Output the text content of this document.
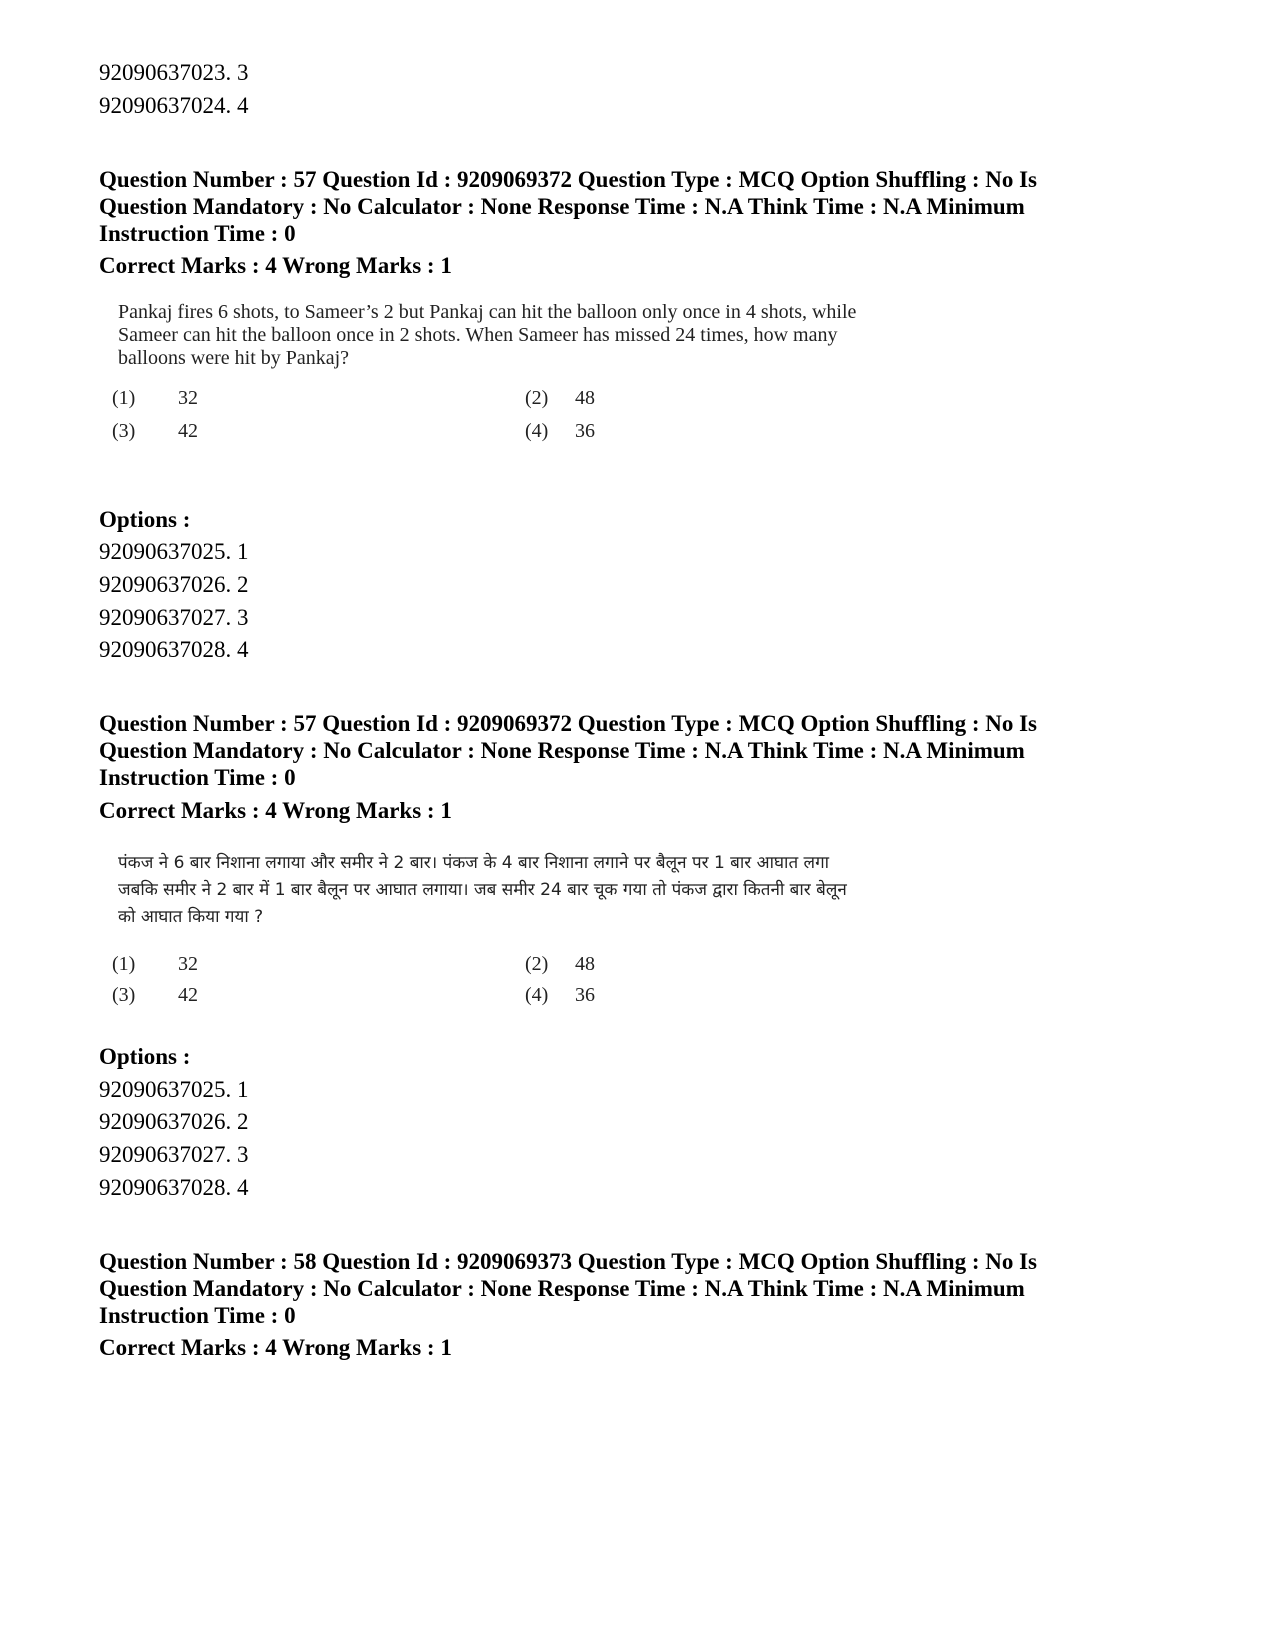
92090637023. 3
92090637024. 4
Question Number : 57 Question Id : 9209069372 Question Type : MCQ Option Shuffling : No Is
Question Mandatory : No Calculator : None Response Time : N.A Think Time : N.A Minimum
Instruction Time : 0
Correct Marks : 4 Wrong Marks : 1
Pankaj fires 6 shots, to Sameer’s 2 but Pankaj can hit the balloon only once in 4 shots, while
Sameer can hit the balloon once in 2 shots. When Sameer has missed 24 times, how many
balloons were hit by Pankaj?
(1) 32	(2) 48
(3) 42	(4) 36
Options :
92090637025. 1
92090637026. 2
92090637027. 3
92090637028. 4
Question Number : 57 Question Id : 9209069372 Question Type : MCQ Option Shuffling : No Is
Question Mandatory : No Calculator : None Response Time : N.A Think Time : N.A Minimum
Instruction Time : 0
Correct Marks : 4 Wrong Marks : 1
पंकज ने 6 बार निशाना लगाया और समीर ने 2 बार। पंकज के 4 बार निशाना लगाने पर बैलून पर 1 बार आघात लगा
जबकि समीर ने 2 बार में 1 बार बैलून पर आघात लगाया। जब समीर 24 बार चूक गया तो पंकज द्वारा कितनी बार बेलून
को आघात किया गया ?
(1) 32	(2) 48
(3) 42	(4) 36
Options :
92090637025. 1
92090637026. 2
92090637027. 3
92090637028. 4
Question Number : 58 Question Id : 9209069373 Question Type : MCQ Option Shuffling : No Is
Question Mandatory : No Calculator : None Response Time : N.A Think Time : N.A Minimum
Instruction Time : 0
Correct Marks : 4 Wrong Marks : 1
